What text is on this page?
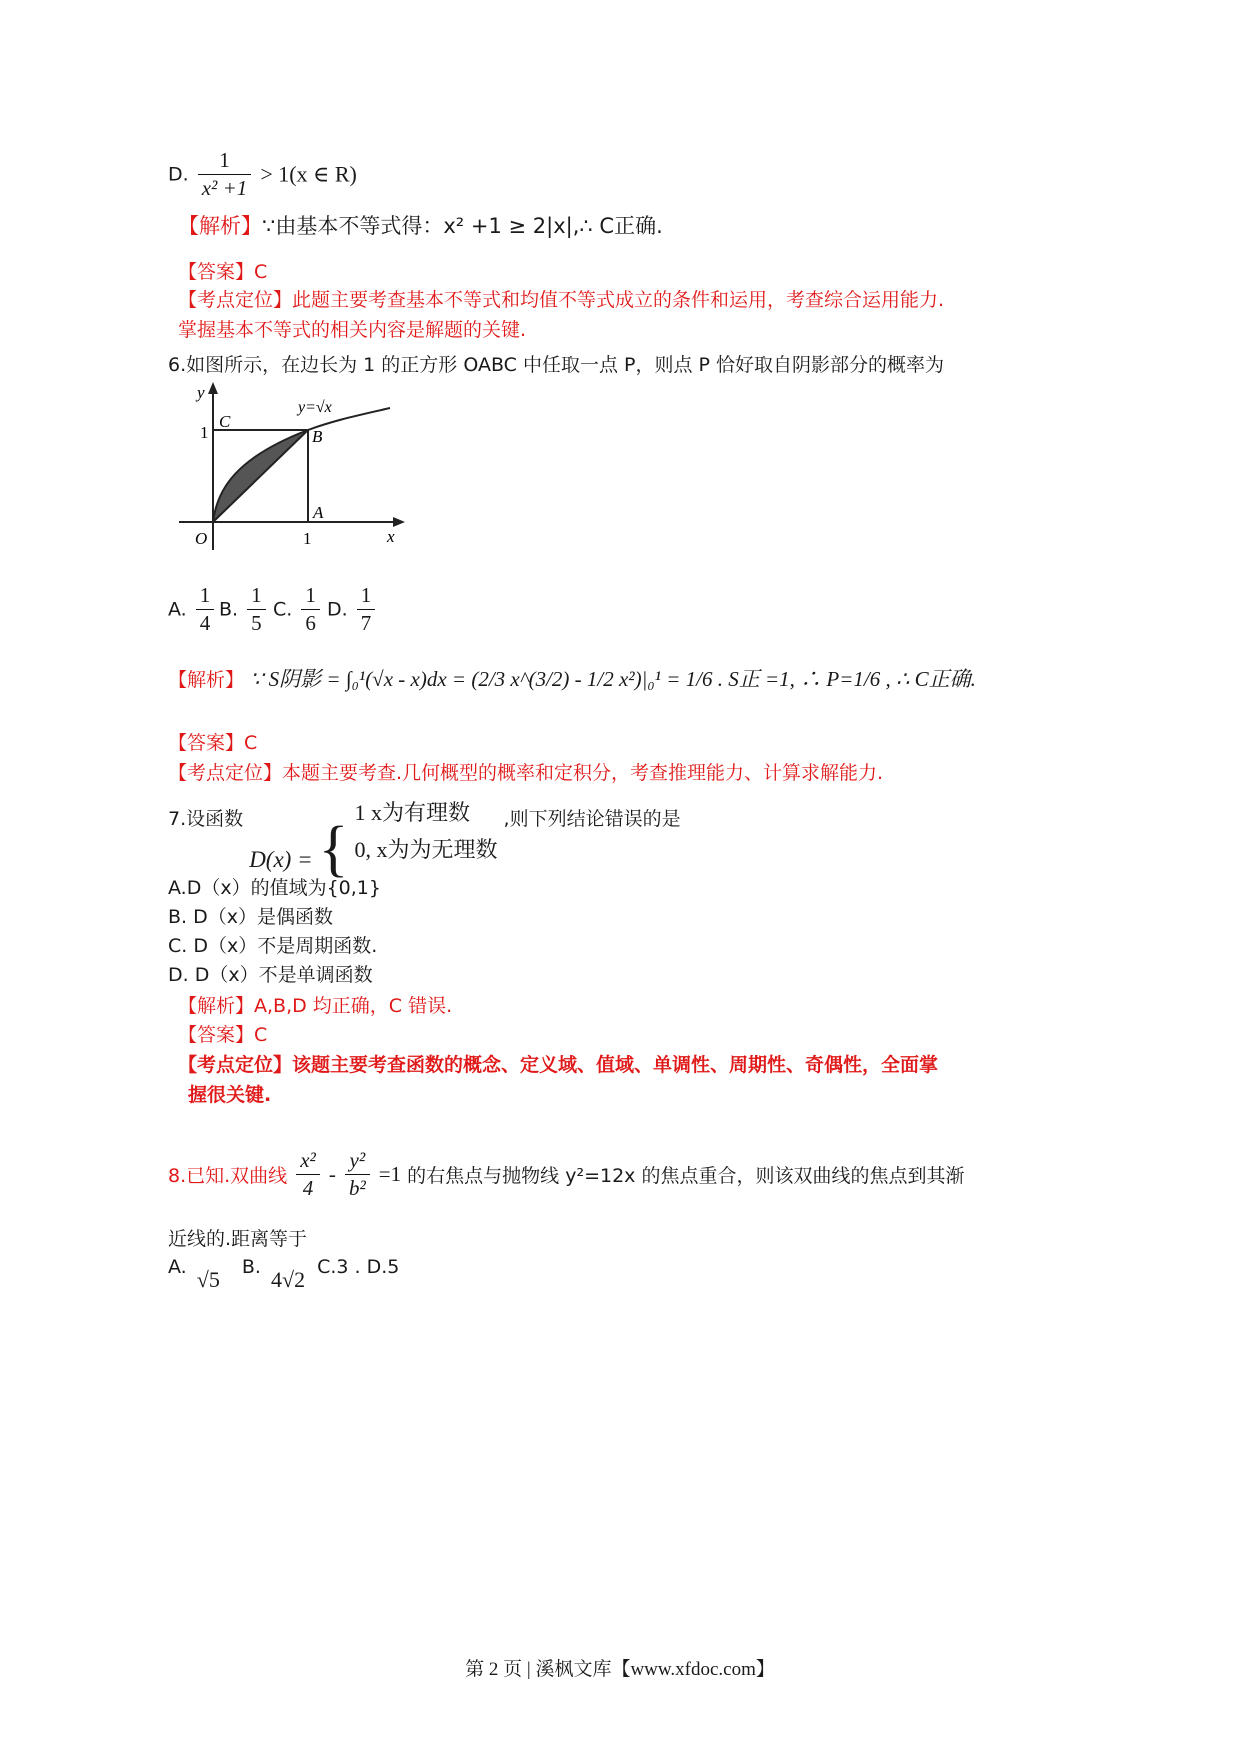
D. $\frac{1}{\text{x² +1}} > 1(x$ ∈ R)
【解析】∵由基本不等式得：x² +1 ≥ 2|x|,∴ C正确.
【答案】C
【考点定位】此题主要考查基本不等式和均值不等式成立的条件和运用，考查综合运用能力.
掌握基本不等式的相关内容是解题的关键.
6.如图所示，在边长为 1 的正方形 OABC 中任取一点 P，则点 P 恰好取自阴影部分的概率为
y
C
1
y=√x
B
A
O	1	x
A. $\frac{1}{4} B$. $\frac{1}{5} C$. $\frac{1}{6} D$. $\frac{1}{7}$
【解析】 ∵ S阴影 = ∫₀¹(√x - x)dx = (2/3 x^(3/2) - 1/2 x²)|₀¹ = 1/6 . S正 =1, ∴ P=1/6 , ∴ C正确.
【答案】C
【考点定位】本题主要考查.几何概型的概率和定积分，考查推理能力、计算求解能力.
7.设函数 D(x) = {
1 x为有理数
0, x为为无理数
,则下列结论错误的是
A.D（x）的值域为{0,1}
B. D（x）是偶函数
C. D（x）不是周期函数.
D. D（x）不是单调函数
【解析】A,B,D 均正确，C 错误.
【答案】C
【考点定位】该题主要考查函数的概念、定义域、值域、单调性、周期性、奇偶性，全面掌
握很关键.
8.已知.双曲线 $\frac{\text{x²}}{4} - \frac{\text{y²}}{\text{b²}} =1$ 的右焦点与抛物线 y²=12x 的焦点重合，则该双曲线的焦点到其渐
近线的.距离等于
A. √5 B. 4√2 C.3 . D.5
第 2 页 | 溪枫文库【www.xfdoc.com】
